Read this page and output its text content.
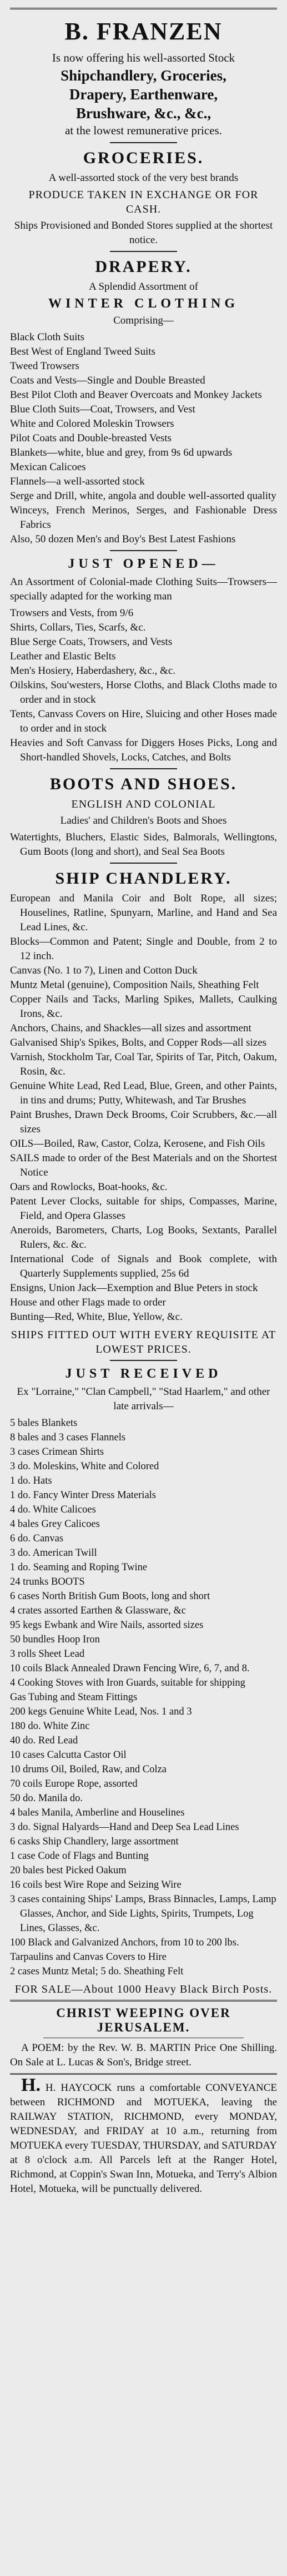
B. FRANZEN
Is now offering his well-assorted Stock
Shipchandlery, Groceries,
Drapery, Earthenware,
Brushware, &c., &c.,
at the lowest remunerative prices.
GROCERIES.
A well-assorted stock of the very best brands
PRODUCE TAKEN IN EXCHANGE OR FOR CASH.
Ships Provisioned and Bonded Stores supplied at the shortest notice.
DRAPERY.
A Splendid Assortment of
WINTER CLOTHING
Comprising—
Black Cloth Suits
Best West of England Tweed Suits
Tweed Trowsers
Coats and Vests—Single and Double Breasted
Best Pilot Cloth and Beaver Overcoats and Monkey Jackets
Blue Cloth Suits—Coat, Trowsers, and Vest
White and Colored Moleskin Trowsers
Pilot Coats and Double-breasted Vests
Blankets—white, blue and grey, from 9s 6d upwards
Mexican Calicoes
Flannels—a well-assorted stock
Serge and Drill, white, angola and double well-assorted quality
Winceys, French Merinos, Serges, and Fashionable Dress Fabrics
Also, 50 dozen Men's and Boy's Best Latest Fashions
JUST OPENED—
An Assortment of Colonial-made Clothing Suits—Trowsers—specially adapted for the working man
Trowsers and Vests, from 9/6
Shirts, Collars, Ties, Scarfs, &c.
Blue Serge Coats, Trowsers, and Vests
Leather and Elastic Belts
Men's Hosiery, Haberdashery, &c., &c.
Oilskins, Sou'westers, Horse Cloths, and Black Cloths made to order and in stock
Tents, Canvass Covers on Hire, Sluicing and other Hoses made to order and in stock
Heavies and Soft Canvass for Diggers Hoses Picks, Long and Short-handled Shovels, Locks, Catches, and Bolts
BOOTS AND SHOES.
ENGLISH AND COLONIAL
Ladies' and Children's Boots and Shoes
Watertights, Bluchers, Elastic Sides, Balmorals, Wellingtons, Gum Boots (long and short), and Seal Sea Boots
SHIP CHANDLERY.
European and Manila Coir and Bolt Rope, all sizes; Houselines, Ratline, Spunyarn, Marline, and Hand and Sea Lead Lines, &c.
Blocks—Common and Patent; Single and Double, from 2 to 12 inch.
Canvas (No. 1 to 7), Linen and Cotton Duck
Muntz Metal (genuine), Composition Nails, Sheathing Felt
Copper Nails and Tacks, Marling Spikes, Mallets, Caulking Irons, &c.
Anchors, Chains, and Shackles—all sizes and assortment
Galvanised Ship's Spikes, Bolts, and Copper Rods—all sizes
Varnish, Stockholm Tar, Coal Tar, Spirits of Tar, Pitch, Oakum, Rosin, &c.
Genuine White Lead, Red Lead, Blue, Green, and other Paints, in tins and drums; Putty, Whitewash, and Tar Brushes
Paint Brushes, Drawn Deck Brooms, Coir Scrubbers, &c.—all sizes
OILS—Boiled, Raw, Castor, Colza, Kerosene, and Fish Oils
SAILS made to order of the Best Materials and on the Shortest Notice
Oars and Rowlocks, Boat-hooks, &c.
Patent Lever Clocks, suitable for ships, Compasses, Marine, Field, and Opera Glasses
Aneroids, Barometers, Charts, Log Books, Sextants, Parallel Rulers, &c. &c.
International Code of Signals and Book complete, with Quarterly Supplements supplied, 25s 6d
Ensigns, Union Jack—Exemption and Blue Peters in stock
House and other Flags made to order
Bunting—Red, White, Blue, Yellow, &c.
SHIPS FITTED OUT WITH EVERY REQUISITE AT LOWEST PRICES.
JUST RECEIVED
Ex "Lorraine," "Clan Campbell," "Stad Haarlem," and other late arrivals—
5 bales Blankets
8 bales and 3 cases Flannels
3 cases Crimean Shirts
3 do. Moleskins, White and Colored
1 do. Hats
1 do. Fancy Winter Dress Materials
4 do. White Calicoes
4 bales Grey Calicoes
6 do. Canvas
3 do. American Twill
1 do. Seaming and Roping Twine
24 trunks BOOTS
6 cases North British Gum Boots, long and short
4 crates assorted Earthen & Glassware, &c
95 kegs Ewbank and Wire Nails, assorted sizes
50 bundles Hoop Iron
3 rolls Sheet Lead
10 coils Black Annealed Drawn Fencing Wire, 6, 7, and 8.
4 Cooking Stoves with Iron Guards, suitable for shipping
Gas Tubing and Steam Fittings
200 kegs Genuine White Lead, Nos. 1 and 3
180 do. White Zinc
40 do. Red Lead
10 cases Calcutta Castor Oil
10 drums Oil, Boiled, Raw, and Colza
70 coils Europe Rope, assorted
50 do. Manila do.
4 bales Manila, Amberline and Houselines
3 do. Signal Halyards—Hand and Deep Sea Lead Lines
6 casks Ship Chandlery, large assortment
1 case Code of Flags and Bunting
20 bales best Picked Oakum
16 coils best Wire Rope and Seizing Wire
3 cases containing Ships' Lamps, Brass Binnacles, Lamps, Lamp Glasses, Anchor, and Side Lights, Spirits, Trumpets, Log Lines, Glasses, &c.
100 Black and Galvanized Anchors, from 10 to 200 lbs.
Tarpaulins and Canvas Covers to Hire
2 cases Muntz Metal; 5 do. Sheathing Felt
FOR SALE—About 1000 Heavy Black Birch Posts.
CHRIST WEEPING OVER JERUSALEM.
A POEM: by the Rev. W. B. MARTIN Price One Shilling. On Sale at L. Lucas & Son's, Bridge street.
H. H. HAYCOCK runs a comfortable CONVEYANCE between RICHMOND and MOTUEKA, leaving the RAILWAY STATION, RICHMOND, every MONDAY, WEDNESDAY, and FRIDAY at 10 a.m., returning from MOTUEKA every TUESDAY, THURSDAY, and SATURDAY at 8 o'clock a.m. All Parcels left at the Ranger Hotel, Richmond, at Coppin's Swan Inn, Motueka, and Terry's Albion Hotel, Motueka, will be punctually delivered.
